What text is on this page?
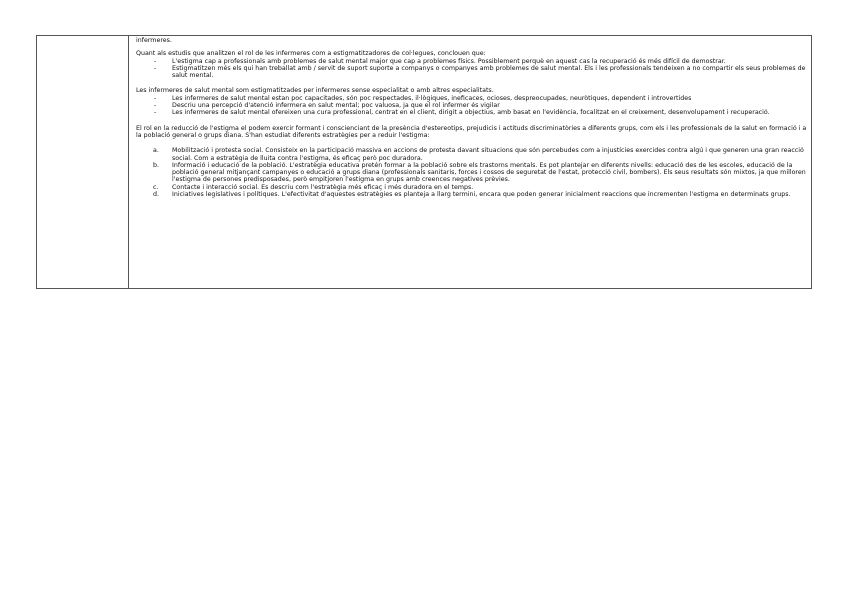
infermeres.

Quant als estudis que analitzen el rol de les infermeres com a estigmatitzadores de col·legues, conclouen que:

-	L'estigma cap a professionals amb problemes de salut mental major que cap a problemes físics. Possiblement perquè en aquest cas la recuperació és més difícil de demostrar.
-	Estigmatitzen més els qui han treballat amb / servit de suport suporte a companys o companyes amb problemes de salut mental. Els i les professionals tendeixen a no compartir els seus problemes de salut mental.

Les infermeres de salut mental som estigmatitzades per infermeres sense especialitat o amb altres especialitats.

-	Les infermeres de salut mental estan poc capacitades, són poc respectades, il·lògiques, ineficaces, ocioses, despreocupades, neuròtiques, dependent i introvertides
-	Descriu una percepció d'atenció infermera en salut mental; poc valuosa, ja que el rol infermer és vigilar
-	Les infermeres de salut mental ofereixen una cura professional, centrat en el client, dirigit a objectius, amb basat en l'evidència, focalitzat en el creixement, desenvolupament i recuperació.

El rol en la reducció de l'estigma el podem exercir formant i conscienciant de la presència d'estereotips, prejudicis i actituds discriminatòries a diferents grups, com els i les professionals de la salut en formació i a la població general o grups diana. S'han estudiat diferents estratègies per a reduir l'estigma:

a.	Mobilització i protesta social. Consisteix en la participació massiva en accions de protesta davant situacions que són percebudes com a injustícies exercides contra algú i que generen una gran reacció social. Com a estratègia de lluita contra l'estigma, és eficaç però poc duradora.
b.	Informació i educació de la població. L'estratègia educativa pretén formar a la població sobre els trastorns mentals. Es pot plantejar en diferents nivells: educació des de les escoles, educació de la població general mitjançant campanyes o educació a grups diana (professionals sanitaris, forces i cossos de seguretat de l'estat, protecció civil, bombers). Els seus resultats són mixtos, ja que milloren l'estigma de persones predisposades, però empitjoren l'estigma en grups amb creences negatives prèvies.
c.	Contacte i interacció social. Es descriu com l'estratègia més eficaç i més duradora en el temps.
d.	Iniciatives legislatives i polítiques. L'efectivitat d'aquestes estratègies es planteja a llarg termini, encara que poden generar inicialment reaccions que incrementen l'estigma en determinats grups.
